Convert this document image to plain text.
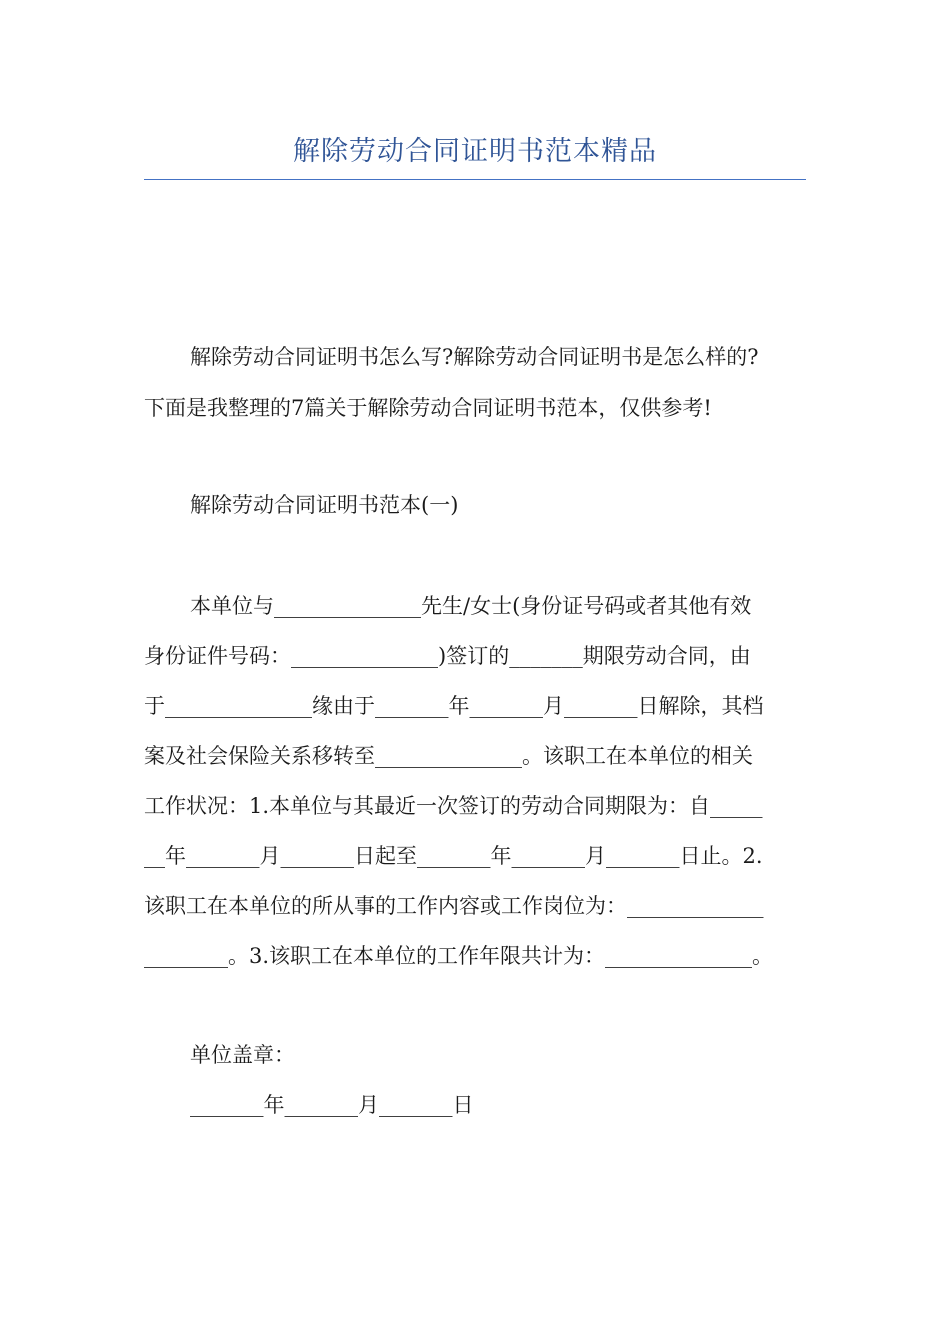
解除劳动合同证明书范本精品
解除劳动合同证明书怎么写?解除劳动合同证明书是怎么样的?
下面是我整理的7篇关于解除劳动合同证明书范本，仅供参考!
解除劳动合同证明书范本(一)
本单位与______________先生/女士(身份证号码或者其他有效
身份证件号码：______________)签订的_______期限劳动合同，由
于______________缘由于_______年_______月_______日解除，其档
案及社会保险关系移转至______________。该职工在本单位的相关
工作状况：1.本单位与其最近一次签订的劳动合同期限为：自_____
__年_______月_______日起至_______年_______月_______日止。2.
该职工在本单位的所从事的工作内容或工作岗位为：_____________
________。3.该职工在本单位的工作年限共计为：______________。
单位盖章：
_______年_______月_______日
